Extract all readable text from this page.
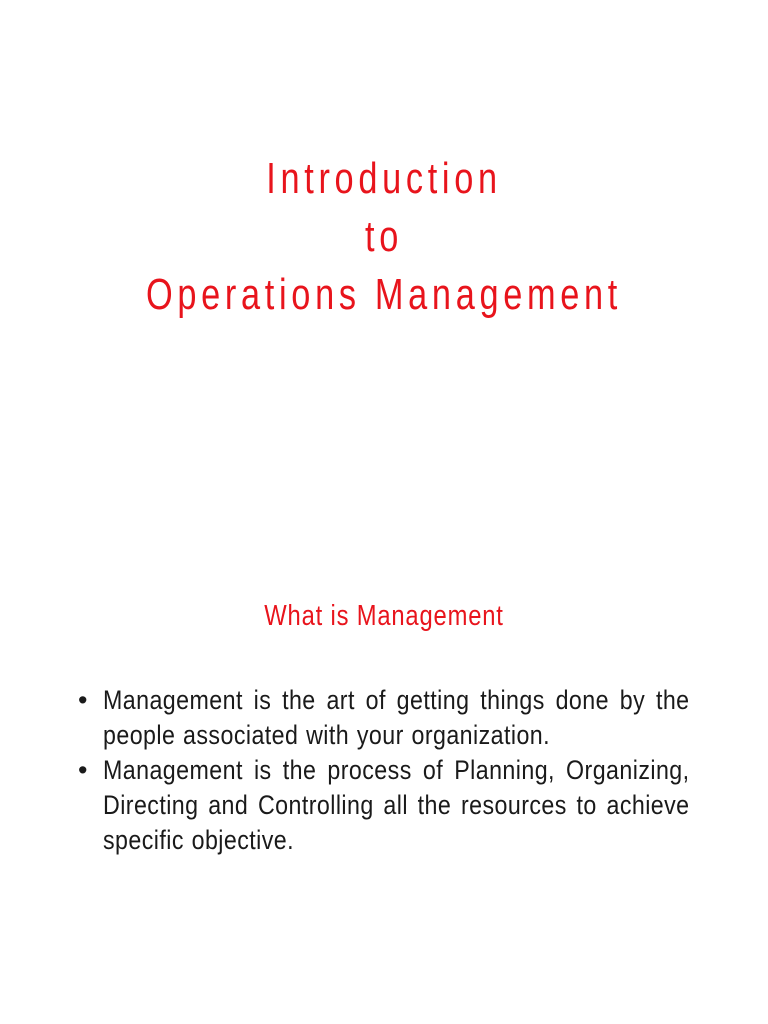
Introduction
to
Operations Management
What is Management
• Management is the art of getting things done by the people associated with your organization.
• Management is the process of Planning, Organizing, Directing and Controlling all the resources to achieve specific objective.
